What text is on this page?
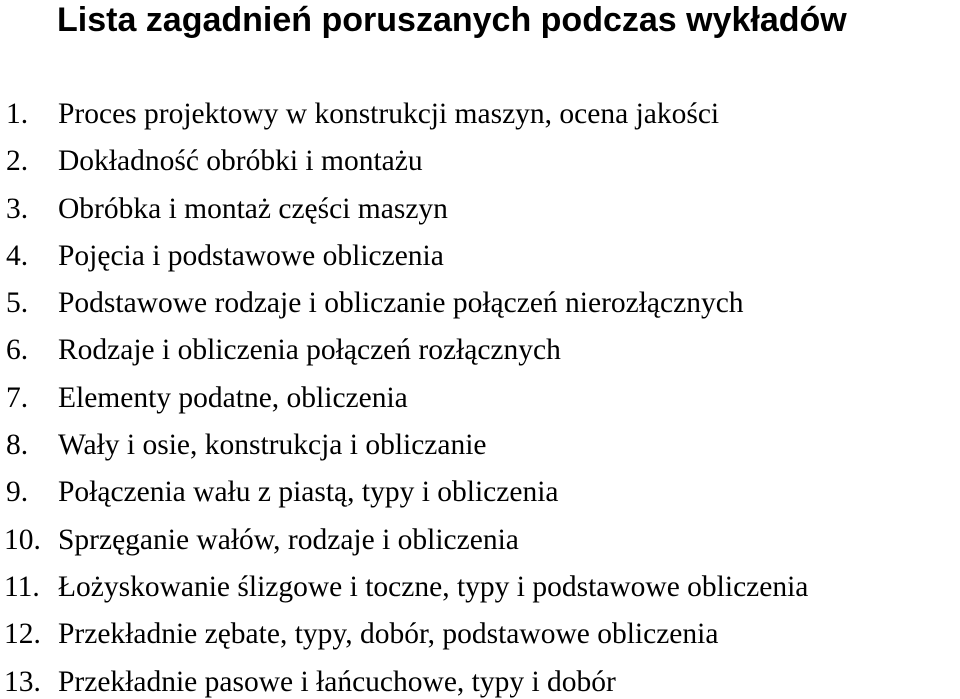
Lista zagadnień poruszanych podczas wykładów
1. Proces projektowy w konstrukcji maszyn, ocena jakości
2. Dokładność obróbki i montażu
3. Obróbka i montaż części maszyn
4. Pojęcia i podstawowe obliczenia
5. Podstawowe rodzaje i obliczanie połączeń nierozłącznych
6. Rodzaje i obliczenia połączeń rozłącznych
7. Elementy podatne, obliczenia
8. Wały i osie, konstrukcja i obliczanie
9. Połączenia wału z piastą, typy i obliczenia
10. Sprzęganie wałów, rodzaje i obliczenia
11. Łożyskowanie ślizgowe i toczne, typy i podstawowe obliczenia
12. Przekładnie zębate, typy, dobór, podstawowe obliczenia
13. Przekładnie pasowe i łańcuchowe, typy i dobór
